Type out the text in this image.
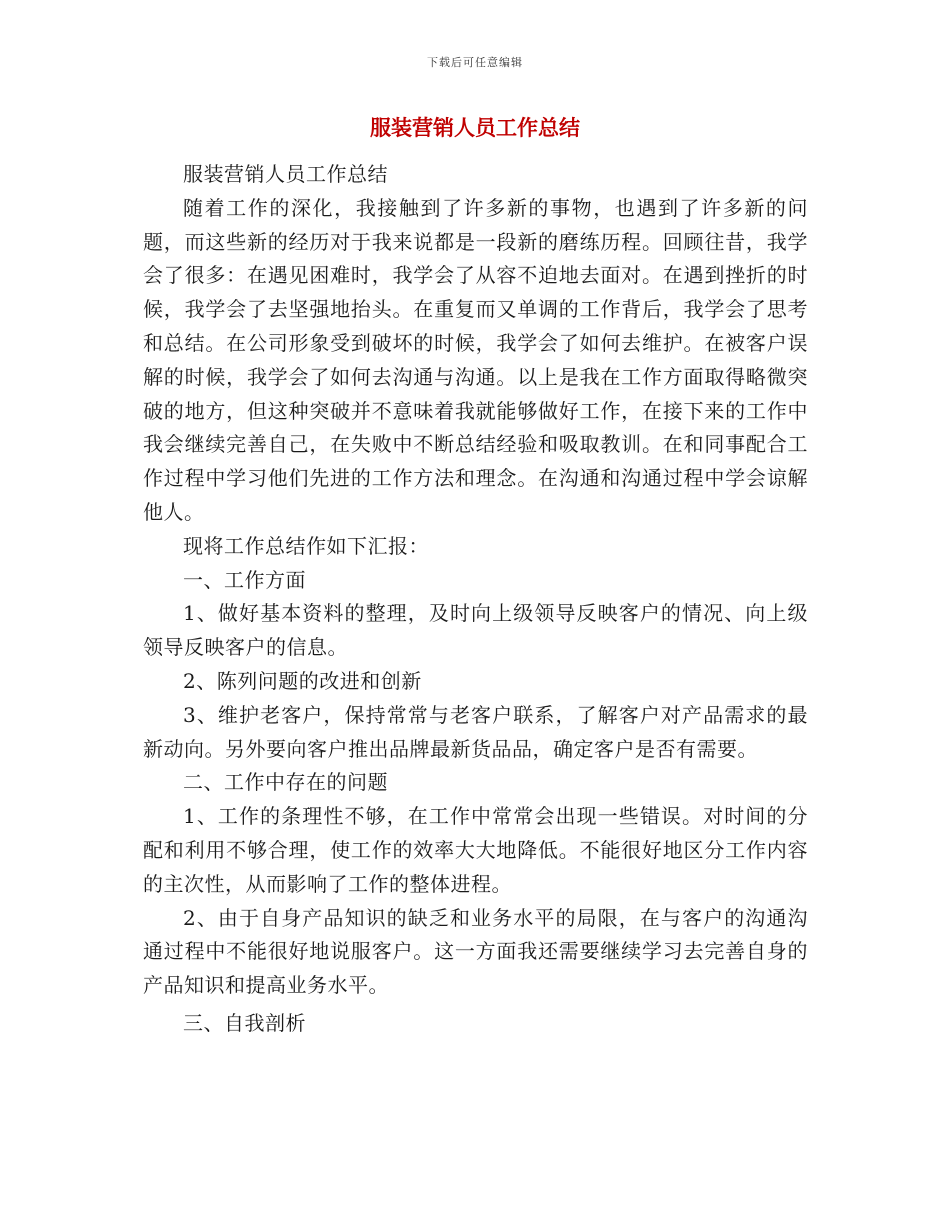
下载后可任意编辑
服装营销人员工作总结

服装营销人员工作总结

随着工作的深化，我接触到了许多新的事物，也遇到了许多新的问题，而这些新的经历对于我来说都是一段新的磨练历程。回顾往昔，我学会了很多：在遇见困难时，我学会了从容不迫地去面对。在遇到挫折的时候，我学会了去坚强地抬头。在重复而又单调的工作背后，我学会了思考和总结。在公司形象受到破坏的时候，我学会了如何去维护。在被客户误解的时候，我学会了如何去沟通与沟通。以上是我在工作方面取得略微突破的地方，但这种突破并不意味着我就能够做好工作，在接下来的工作中我会继续完善自己，在失败中不断总结经验和吸取教训。在和同事配合工作过程中学习他们先进的工作方法和理念。在沟通和沟通过程中学会谅解他人。

现将工作总结作如下汇报：

一、工作方面

1、做好基本资料的整理，及时向上级领导反映客户的情况、向上级领导反映客户的信息。

2、陈列问题的改进和创新

3、维护老客户，保持常常与老客户联系，了解客户对产品需求的最新动向。另外要向客户推出品牌最新货品品，确定客户是否有需要。

二、工作中存在的问题

1、工作的条理性不够，在工作中常常会出现一些错误。对时间的分配和利用不够合理，使工作的效率大大地降低。不能很好地区分工作内容的主次性，从而影响了工作的整体进程。

2、由于自身产品知识的缺乏和业务水平的局限，在与客户的沟通沟通过程中不能很好地说服客户。这一方面我还需要继续学习去完善自身的产品知识和提高业务水平。

三、自我剖析
